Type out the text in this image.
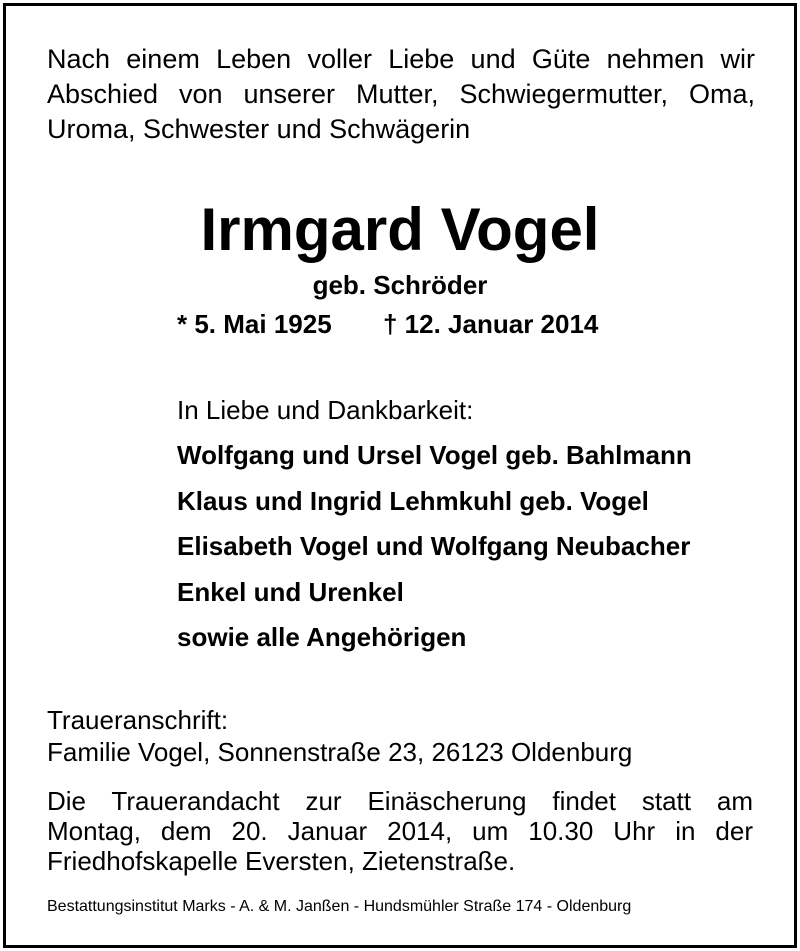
Nach einem Leben voller Liebe und Güte nehmen wir
Abschied von unserer Mutter, Schwiegermutter, Oma,
Uroma, Schwester und Schwägerin
Irmgard Vogel
geb. Schröder
* 5. Mai 1925 † 12. Januar 2014
In Liebe und Dankbarkeit:
Wolfgang und Ursel Vogel geb. Bahlmann
Klaus und Ingrid Lehmkuhl geb. Vogel
Elisabeth Vogel und Wolfgang Neubacher
Enkel und Urenkel
sowie alle Angehörigen
Traueranschrift:
Familie Vogel, Sonnenstraße 23, 26123 Oldenburg
Die Trauerandacht zur Einäscherung findet statt am
Montag, dem 20. Januar 2014, um 10.30 Uhr in der
Friedhofskapelle Eversten, Zietenstraße.
Bestattungsinstitut Marks - A. & M. Janßen - Hundsmühler Straße 174 - Oldenburg
